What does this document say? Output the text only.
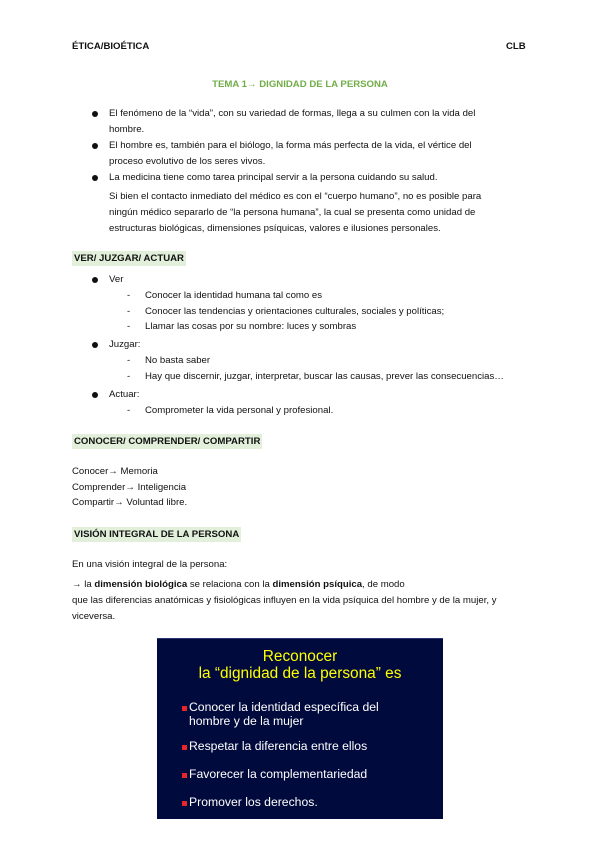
ÉTICA/BIOÉTICA	CLB
TEMA 1→ DIGNIDAD DE LA PERSONA
El fenómeno de la “vida”, con su variedad de formas, llega a su culmen con la vida del
hombre.
El hombre es, también para el biólogo, la forma más perfecta de la vida, el vértice del
proceso evolutivo de los seres vivos.
La medicina tiene como tarea principal servir a la persona cuidando su salud.
Si bien el contacto inmediato del médico es con el “cuerpo humano”, no es posible para
ningún médico separarlo de “la persona humana”, la cual se presenta como unidad de
estructuras biológicas, dimensiones psíquicas, valores e ilusiones personales.
VER/ JUZGAR/ ACTUAR
Ver
- Conocer la identidad humana tal como es
- Conocer las tendencias y orientaciones culturales, sociales y políticas;
- Llamar las cosas por su nombre: luces y sombras
Juzgar:
- No basta saber
- Hay que discernir, juzgar, interpretar, buscar las causas, prever las consecuencias…
Actuar:
- Comprometer la vida personal y profesional.
CONOCER/ COMPRENDER/ COMPARTIR
Conocer→ Memoria
Comprender→ Inteligencia
Compartir→ Voluntad libre.
VISIÓN INTEGRAL DE LA PERSONA
En una visión integral de la persona:
→ la dimensión biológica se relaciona con la dimensión psíquica, de modo
que las diferencias anatómicas y fisiológicas influyen en la vida psíquica del hombre y de la mujer, y
viceversa.
Reconocer
la “dignidad de la persona” es
Conocer la identidad específica del
hombre y de la mujer
Respetar la diferencia entre ellos
Favorecer la complementariedad
Promover los derechos.
